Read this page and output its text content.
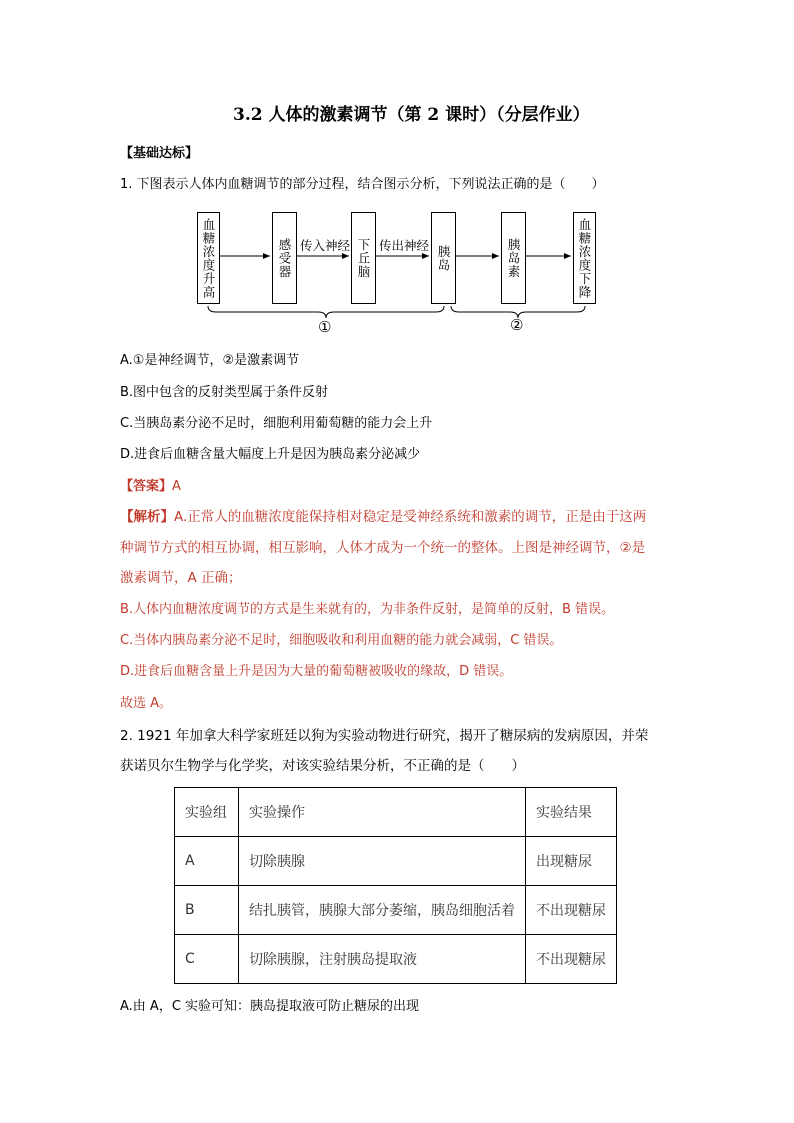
3.2 人体的激素调节（第 2 课时）（分层作业）
【基础达标】
1. 下图表示人体内血糖调节的部分过程，结合图示分析，下列说法正确的是（　　）
血糖浓度升高	感受器	下丘脑	胰岛	胰岛素	血糖浓度下降
传入神经 传出神经
①	②
A.①是神经调节，②是激素调节
B.图中包含的反射类型属于条件反射
C.当胰岛素分泌不足时，细胞利用葡萄糖的能力会上升
D.进食后血糖含量大幅度上升是因为胰岛素分泌减少
【答案】A
【解析】A.正常人的血糖浓度能保持相对稳定是受神经系统和激素的调节，正是由于这两
种调节方式的相互协调，相互影响，人体才成为一个统一的整体。上图是神经调节，②是
激素调节，A 正确；
B.人体内血糖浓度调节的方式是生来就有的，为非条件反射，是简单的反射，B 错误。
C.当体内胰岛素分泌不足时，细胞吸收和利用血糖的能力就会减弱，C 错误。
D.进食后血糖含量上升是因为大量的葡萄糖被吸收的缘故，D 错误。
故选 A。
2. 1921 年加拿大科学家班廷以狗为实验动物进行研究，揭开了糖尿病的发病原因，并荣
获诺贝尔生物学与化学奖，对该实验结果分析，不正确的是（　　）
实验组	实验操作	实验结果
A	切除胰腺	出现糖尿
B	结扎胰管，胰腺大部分萎缩，胰岛细胞活着	不出现糖尿
C	切除胰腺，注射胰岛提取液	不出现糖尿
A.由 A，C 实验可知：胰岛提取液可防止糖尿的出现
